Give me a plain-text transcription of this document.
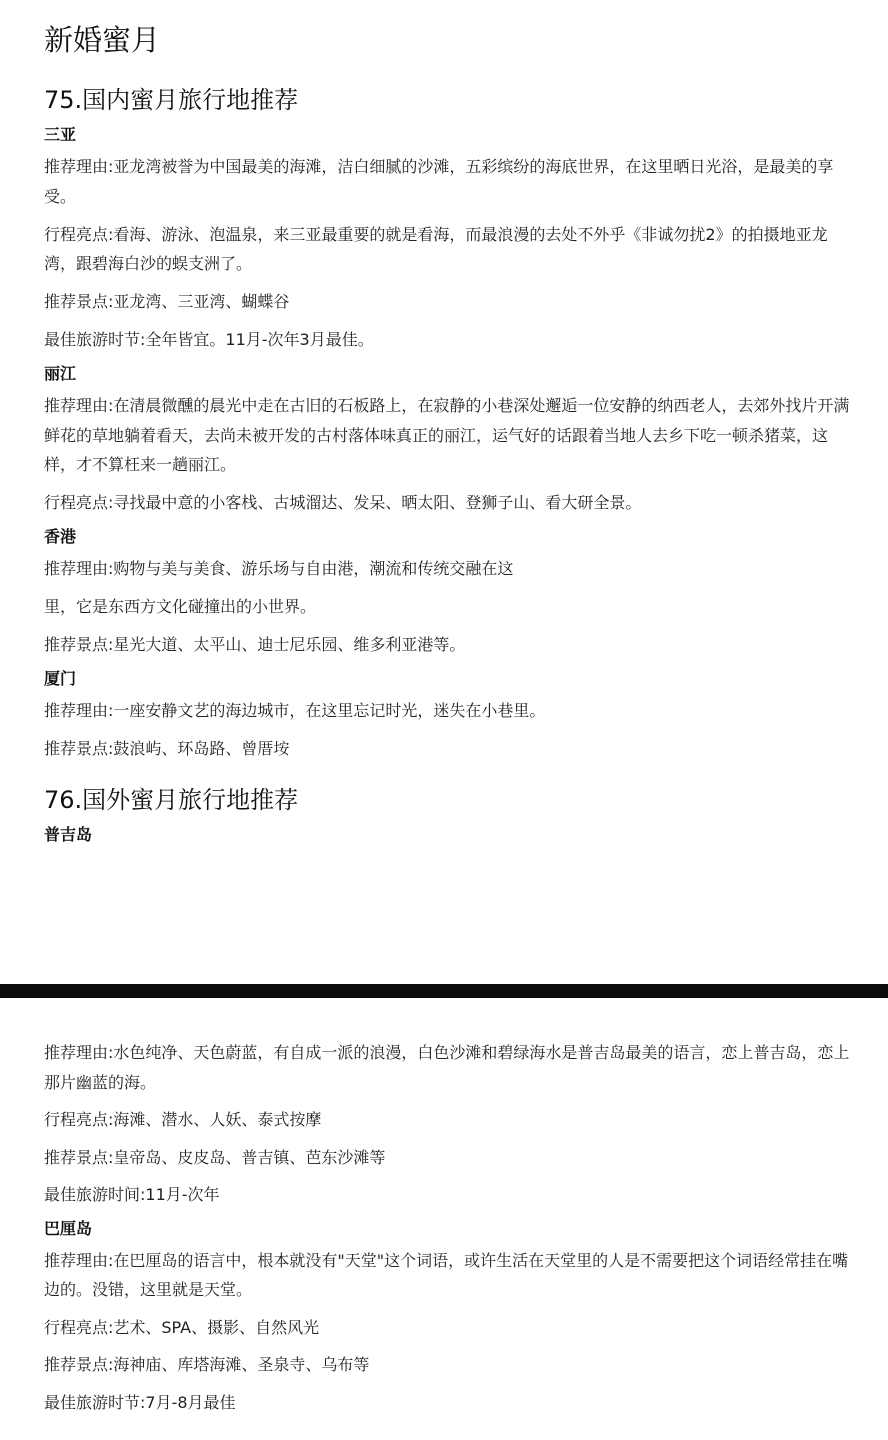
新婚蜜月
75.国内蜜月旅行地推荐
三亚

推荐理由:亚龙湾被誉为中国最美的海滩，洁白细腻的沙滩，五彩缤纷的海底世界，在这里晒日光浴，是最美的享受。

行程亮点:看海、游泳、泡温泉，来三亚最重要的就是看海，而最浪漫的去处不外乎《非诚勿扰2》的拍摄地亚龙湾，跟碧海白沙的蜈支洲了。

推荐景点:亚龙湾、三亚湾、蝴蝶谷

最佳旅游时节:全年皆宜。11月-次年3月最佳。

丽江

推荐理由:在清晨微醺的晨光中走在古旧的石板路上，在寂静的小巷深处邂逅一位安静的纳西老人，去郊外找片开满鲜花的草地躺着看天，去尚未被开发的古村落体味真正的丽江，运气好的话跟着当地人去乡下吃一顿杀猪菜，这样，才不算枉来一趟丽江。

行程亮点:寻找最中意的小客栈、古城溜达、发呆、晒太阳、登狮子山、看大研全景。

香港

推荐理由:购物与美与美食、游乐场与自由港，潮流和传统交融在这

里，它是东西方文化碰撞出的小世界。

推荐景点:星光大道、太平山、迪士尼乐园、维多利亚港等。

厦门

推荐理由:一座安静文艺的海边城市，在这里忘记时光，迷失在小巷里。

推荐景点:鼓浪屿、环岛路、曾厝垵

76.国外蜜月旅行地推荐
普吉岛

推荐理由:水色纯净、天色蔚蓝，有自成一派的浪漫，白色沙滩和碧绿海水是普吉岛最美的语言，恋上普吉岛，恋上那片幽蓝的海。

行程亮点:海滩、潜水、人妖、泰式按摩

推荐景点:皇帝岛、皮皮岛、普吉镇、芭东沙滩等

最佳旅游时间:11月-次年

巴厘岛

推荐理由:在巴厘岛的语言中，根本就没有"天堂"这个词语，或许生活在天堂里的人是不需要把这个词语经常挂在嘴边的。没错，这里就是天堂。

行程亮点:艺术、SPA、摄影、自然风光

推荐景点:海神庙、库塔海滩、圣泉寺、乌布等

最佳旅游时节:7月-8月最佳
